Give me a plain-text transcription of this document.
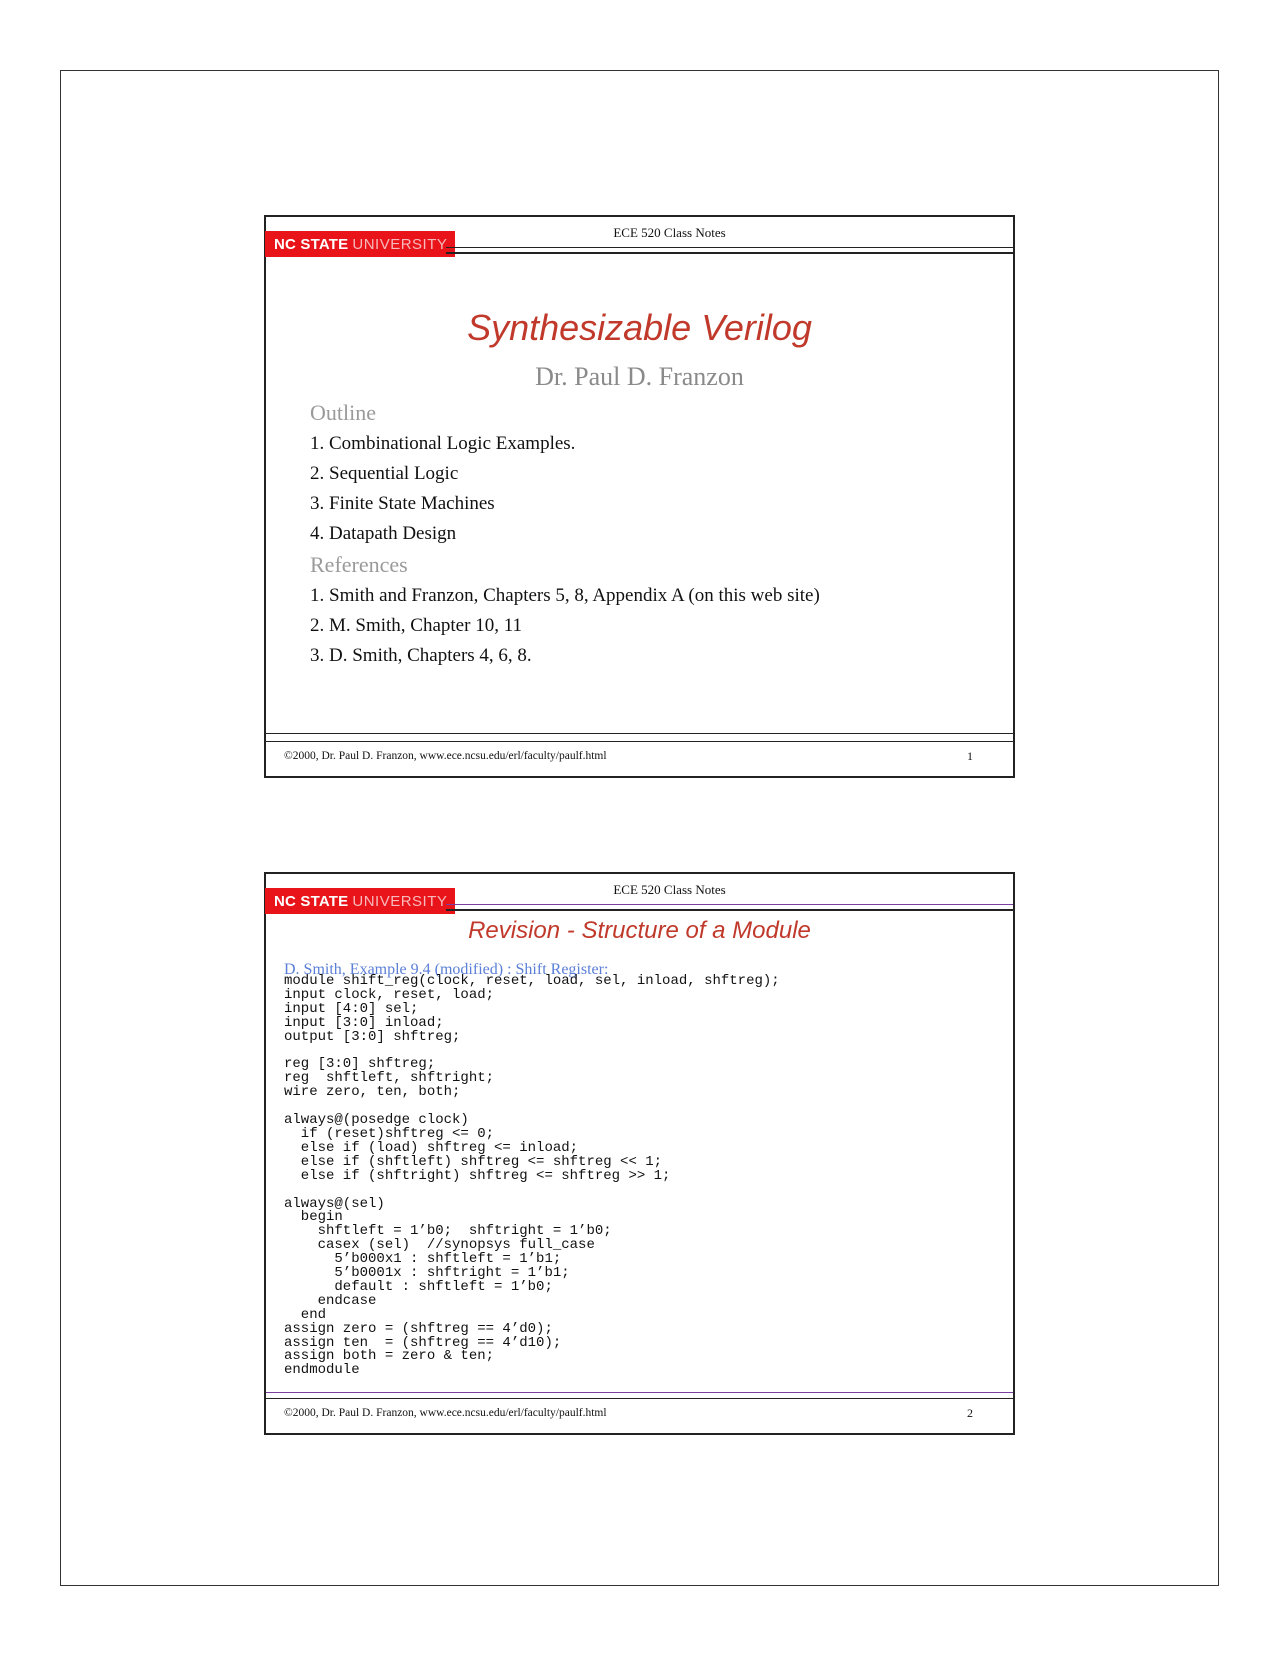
NC STATE UNIVERSITY
ECE 520 Class Notes
Synthesizable Verilog
Dr. Paul D. Franzon
Outline
1. Combinational Logic Examples.
2. Sequential Logic
3. Finite State Machines
4. Datapath Design
References
1. Smith and Franzon, Chapters 5, 8, Appendix A (on this web site)
2. M. Smith, Chapter 10, 11
3. D. Smith, Chapters 4, 6, 8.
©2000, Dr. Paul D. Franzon, www.ece.ncsu.edu/erl/faculty/paulf.html	1
NC STATE UNIVERSITY
ECE 520 Class Notes
Revision - Structure of a Module
D. Smith, Example 9.4 (modified) : Shift Register:
module shift_reg(clock, reset, load, sel, inload, shftreg);
input clock, reset, load;
input [4:0] sel;
input [3:0] inload;
output [3:0] shftreg;

reg [3:0] shftreg;
reg  shftleft, shftright;
wire zero, ten, both;

always@(posedge clock)
if (reset)shftreg <= 0;
else if (load) shftreg <= inload;
else if (shftleft) shftreg <= shftreg << 1;
else if (shftright) shftreg <= shftreg >> 1;

always@(sel)
begin
shftleft = 1’b0;  shftright = 1’b0;
casex (sel)  //synopsys full_case
5’b000x1 : shftleft = 1’b1;
5’b0001x : shftright = 1’b1;
default : shftleft = 1’b0;
endcase
end
assign zero = (shftreg == 4’d0);
assign ten  = (shftreg == 4’d10);
assign both = zero & ten;
endmodule
©2000, Dr. Paul D. Franzon, www.ece.ncsu.edu/erl/faculty/paulf.html	2
